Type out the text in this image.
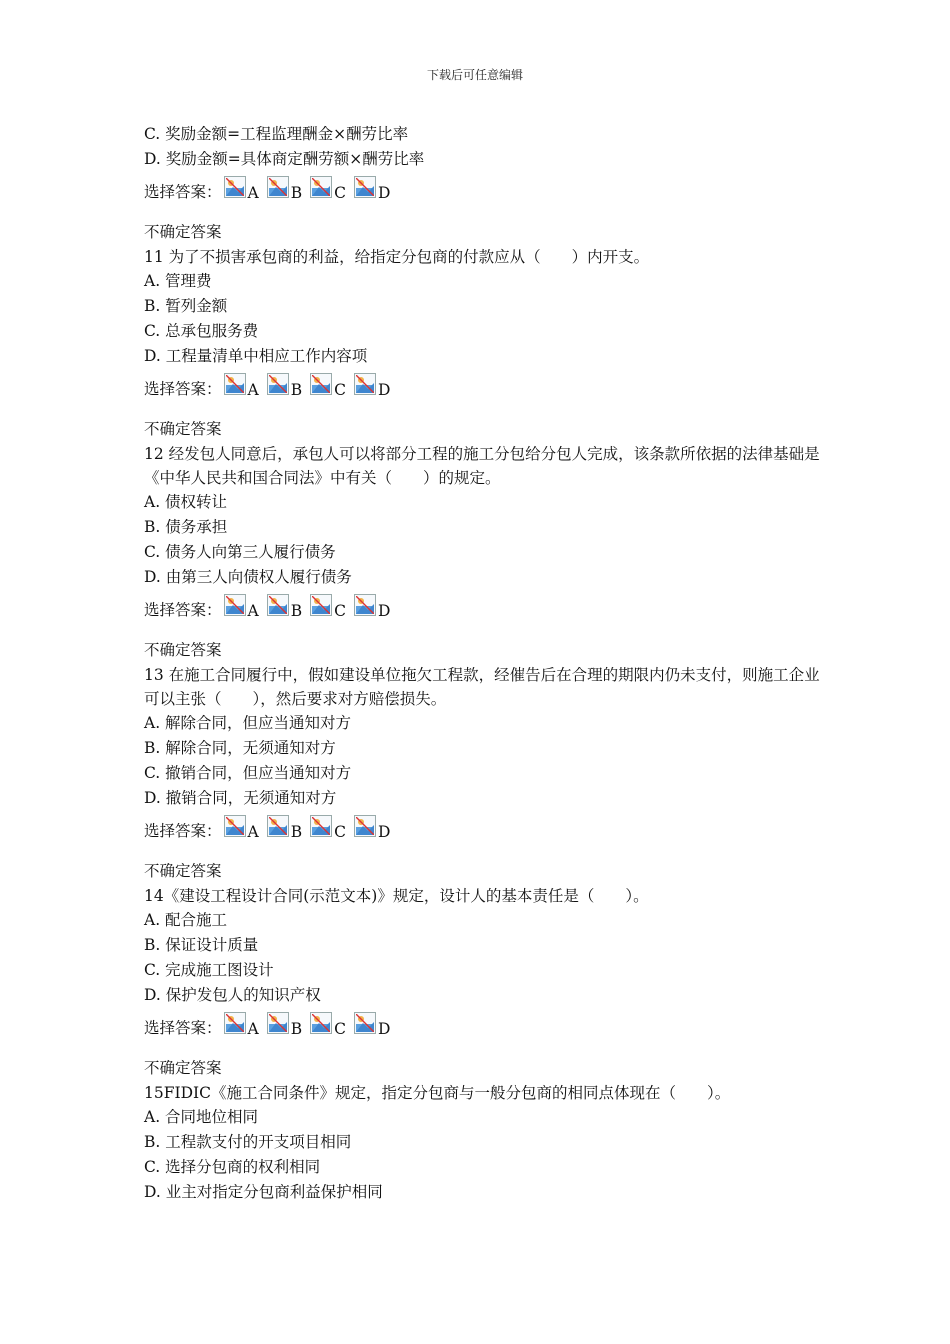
下载后可任意编辑
C. 奖励金额=工程监理酬金×酬劳比率
D. 奖励金额=具体商定酬劳额×酬劳比率
选择答案： A B C D
不确定答案
11 为了不损害承包商的利益，给指定分包商的付款应从（　　）内开支。
A. 管理费
B. 暂列金额
C. 总承包服务费
D. 工程量清单中相应工作内容项
选择答案： A B C D
不确定答案
12 经发包人同意后，承包人可以将部分工程的施工分包给分包人完成，该条款所依据的法律基础是《中华人民共和国合同法》中有关（　　）的规定。
A. 债权转让
B. 债务承担
C. 债务人向第三人履行债务
D. 由第三人向债权人履行债务
选择答案： A B C D
不确定答案
13 在施工合同履行中，假如建设单位拖欠工程款，经催告后在合理的期限内仍未支付，则施工企业可以主张（　　），然后要求对方赔偿损失。
A. 解除合同，但应当通知对方
B. 解除合同，无须通知对方
C. 撤销合同，但应当通知对方
D. 撤销合同，无须通知对方
选择答案： A B C D
不确定答案
14《建设工程设计合同(示范文本)》规定，设计人的基本责任是（　　）。
A. 配合施工
B. 保证设计质量
C. 完成施工图设计
D. 保护发包人的知识产权
选择答案： A B C D
不确定答案
15FIDIC《施工合同条件》规定，指定分包商与一般分包商的相同点体现在（　　）。
A. 合同地位相同
B. 工程款支付的开支项目相同
C. 选择分包商的权利相同
D. 业主对指定分包商利益保护相同
